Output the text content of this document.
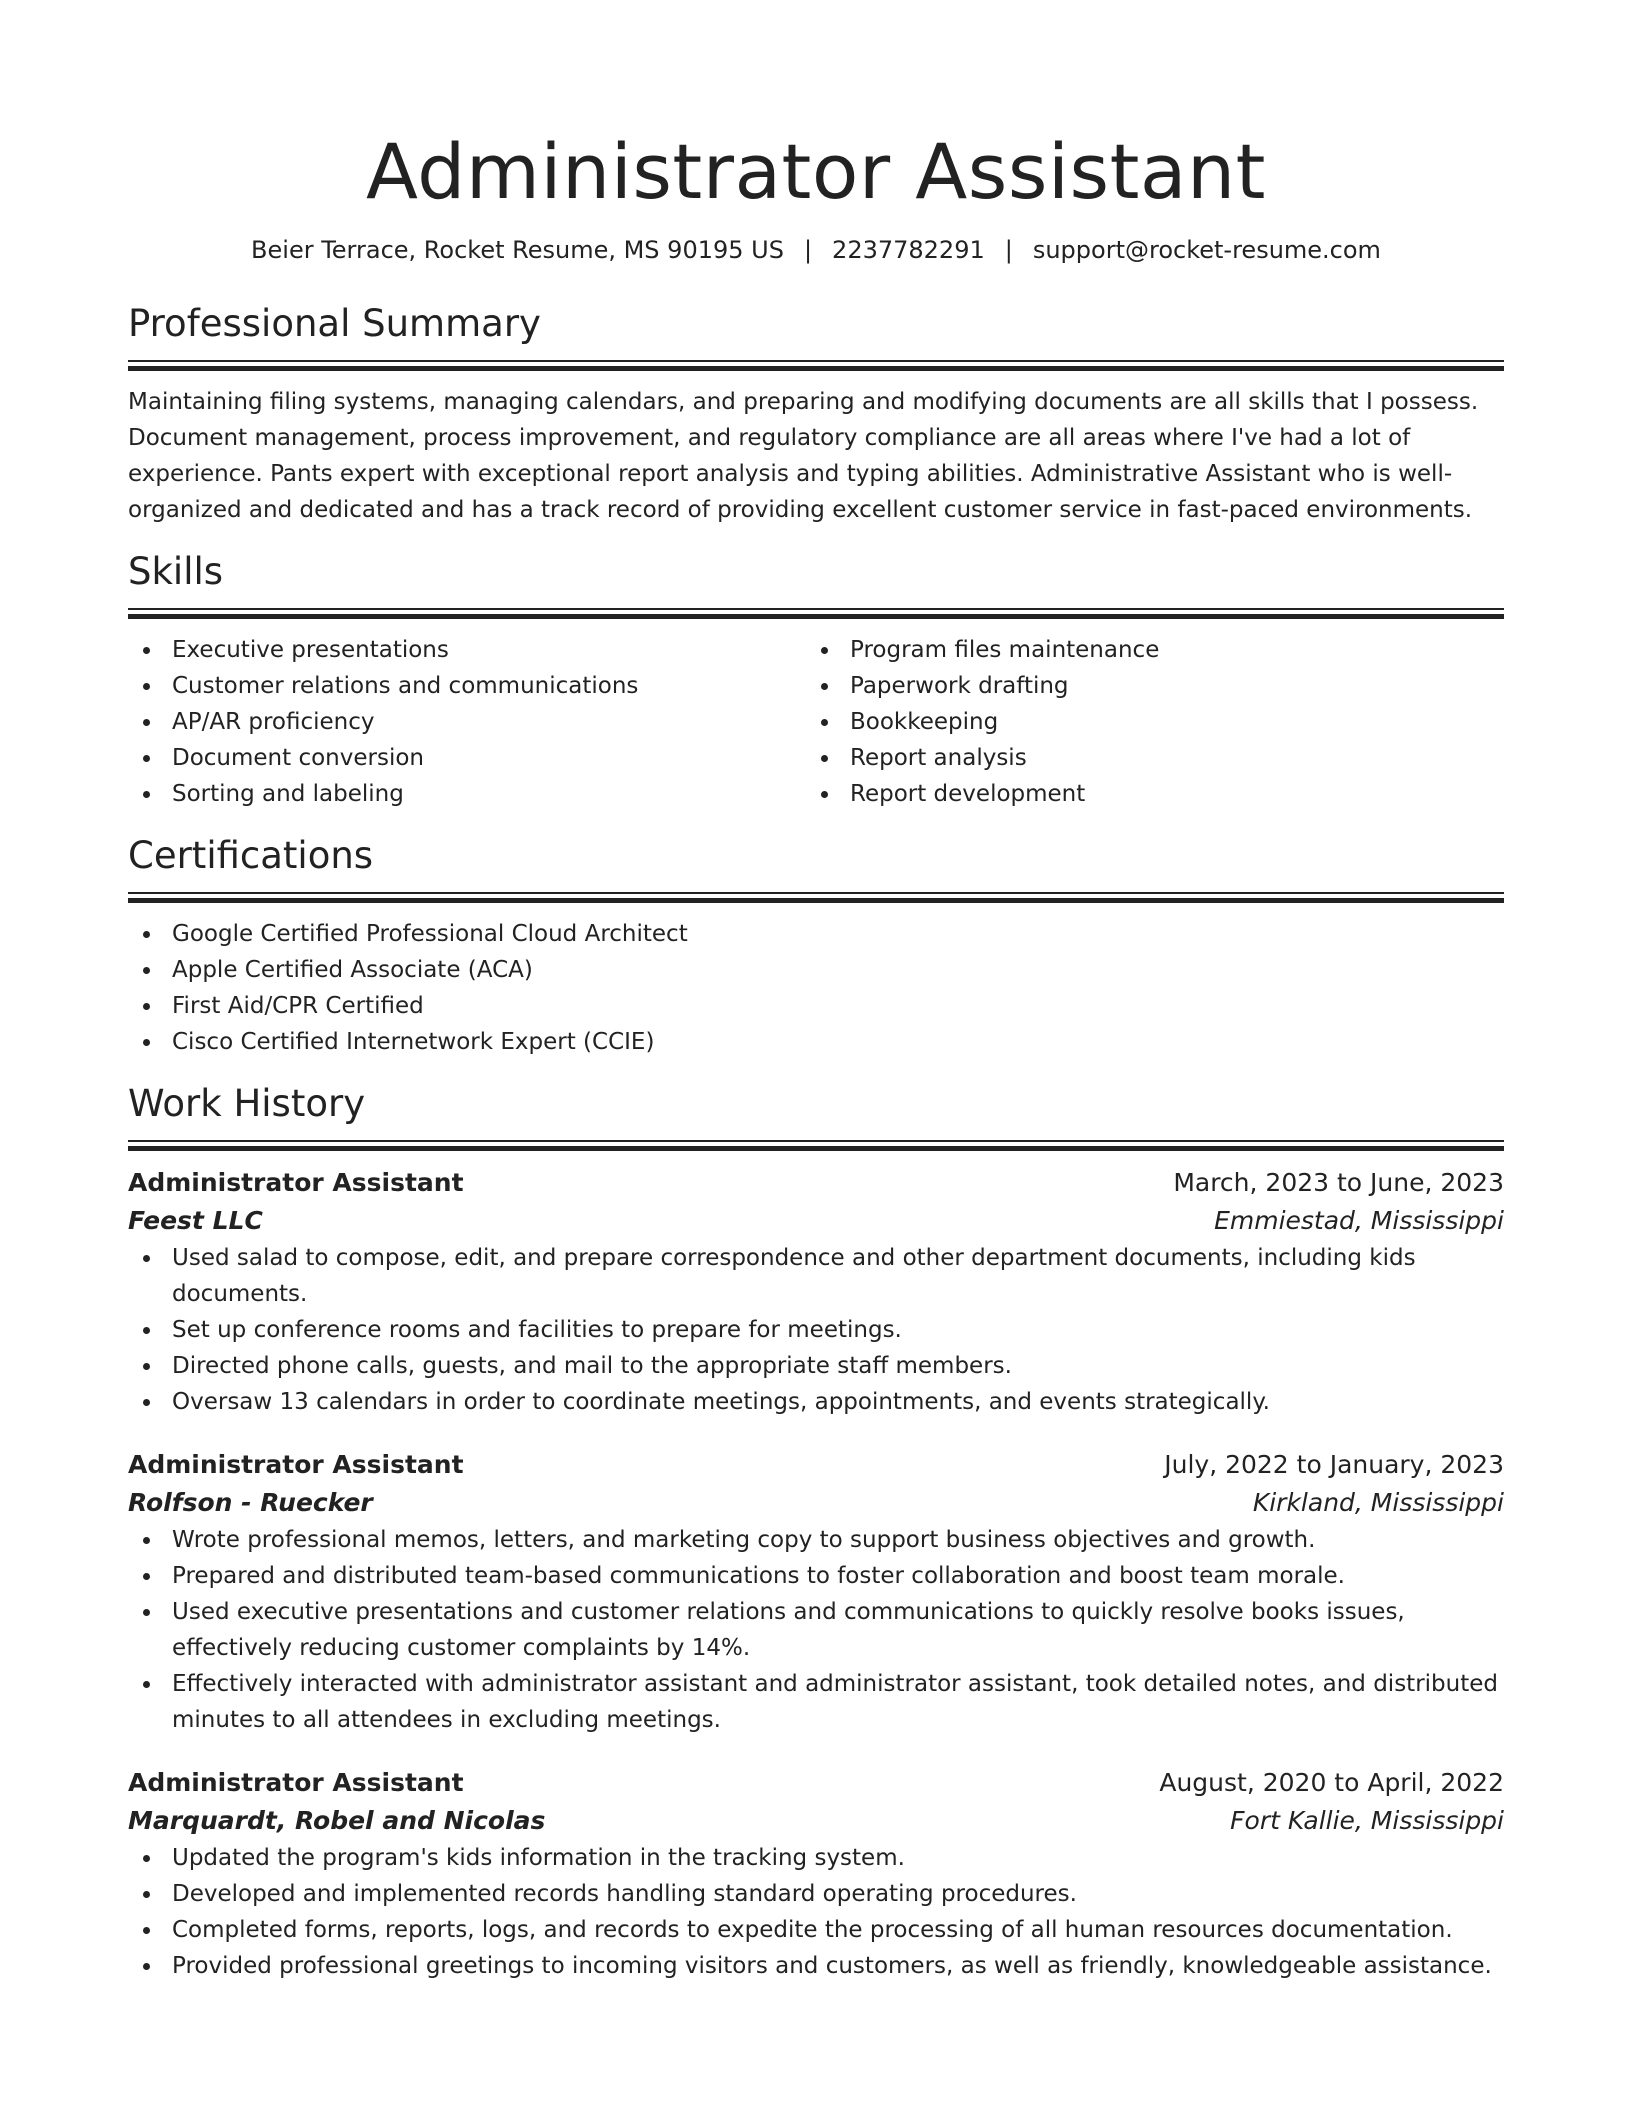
Administrator Assistant
Beier Terrace, Rocket Resume, MS 90195 US | 2237782291 | support@rocket-resume.com
Professional Summary

Maintaining filing systems, managing calendars, and preparing and modifying documents are all skills that I possess. Document management, process improvement, and regulatory compliance are all areas where I've had a lot of experience. Pants expert with exceptional report analysis and typing abilities. Administrative Assistant who is well-organized and dedicated and has a track record of providing excellent customer service in fast-paced environments.

Skills
Executive presentations
Customer relations and communications
AP/AR proficiency
Document conversion
Sorting and labeling
Program files maintenance
Paperwork drafting
Bookkeeping
Report analysis
Report development
Certifications
Google Certified Professional Cloud Architect
Apple Certified Associate (ACA)
First Aid/CPR Certified
Cisco Certified Internetwork Expert (CCIE)
Work History
Administrator Assistant	March, 2023 to June, 2023
Feest LLC	Emmiestad, Mississippi
Used salad to compose, edit, and prepare correspondence and other department documents, including kids documents.
Set up conference rooms and facilities to prepare for meetings.
Directed phone calls, guests, and mail to the appropriate staff members.
Oversaw 13 calendars in order to coordinate meetings, appointments, and events strategically.
Administrator Assistant	July, 2022 to January, 2023
Rolfson - Ruecker	Kirkland, Mississippi
Wrote professional memos, letters, and marketing copy to support business objectives and growth.
Prepared and distributed team-based communications to foster collaboration and boost team morale.
Used executive presentations and customer relations and communications to quickly resolve books issues, effectively reducing customer complaints by 14%.
Effectively interacted with administrator assistant and administrator assistant, took detailed notes, and distributed minutes to all attendees in excluding meetings.
Administrator Assistant	August, 2020 to April, 2022
Marquardt, Robel and Nicolas	Fort Kallie, Mississippi
Updated the program's kids information in the tracking system.
Developed and implemented records handling standard operating procedures.
Completed forms, reports, logs, and records to expedite the processing of all human resources documentation.
Provided professional greetings to incoming visitors and customers, as well as friendly, knowledgeable assistance.
